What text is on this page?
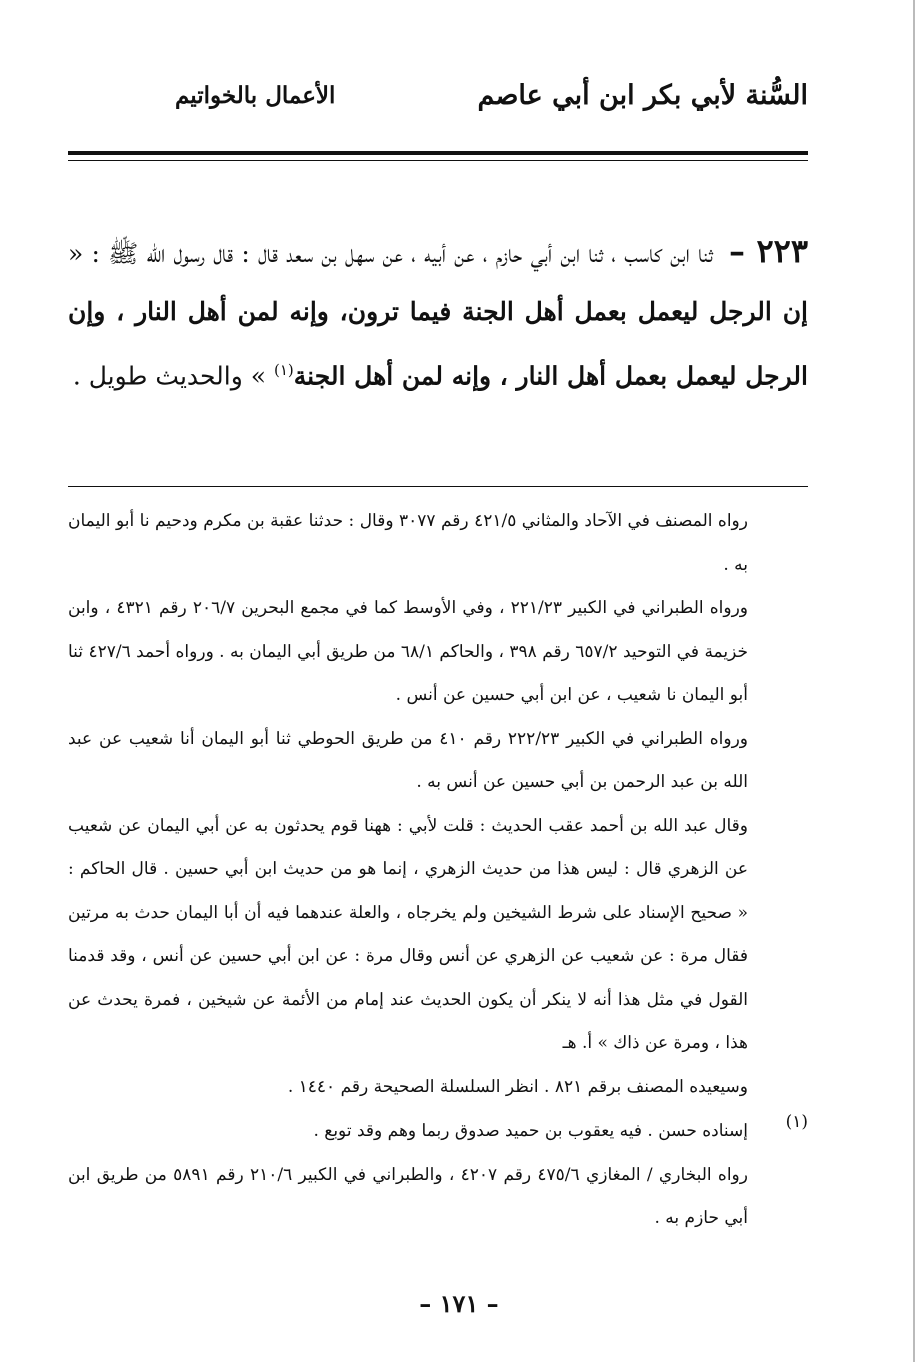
السُّنة لأبي بكر ابن أبي عاصم
الأعمال بالخواتيم

٢٢٣ – ثنا ابن كاسب ، ثنا ابن أبي حازم ، عن أبيه ، عن سهل بن سعد قال : قال رسول الله ﷺ : « إن الرجل ليعمل بعمل أهل الجنة فيما ترون، وإنه لمن أهل النار ، وإن الرجل ليعمل بعمل أهل النار ، وإنه لمن أهل الجنة$^{(١)}$ » والحديث طويل .

رواه المصنف في الآحاد والمثاني ٤٢١/٥ رقم ٣٠٧٧ وقال : حدثنا عقبة بن مكرم ودحيم نا أبو اليمان به .

ورواه الطبراني في الكبير ٢٢١/٢٣ ، وفي الأوسط كما في مجمع البحرين ٢٠٦/٧ رقم ٤٣٢١ ، وابن خزيمة في التوحيد ٦٥٧/٢ رقم ٣٩٨ ، والحاكم ٦٨/١ من طريق أبي اليمان به . ورواه أحمد ٤٢٧/٦ ثنا أبو اليمان نا شعيب ، عن ابن أبي حسين عن أنس .

ورواه الطبراني في الكبير ٢٢٢/٢٣ رقم ٤١٠ من طريق الحوطي ثنا أبو اليمان أنا شعيب عن عبد الله بن عبد الرحمن بن أبي حسين عن أنس به .

وقال عبد الله بن أحمد عقب الحديث : قلت لأبي : ههنا قوم يحدثون به عن أبي اليمان عن شعيب عن الزهري قال : ليس هذا من حديث الزهري ، إنما هو من حديث ابن أبي حسين . قال الحاكم : « صحيح الإسناد على شرط الشيخين ولم يخرجاه ، والعلة عندهما فيه أن أبا اليمان حدث به مرتين فقال مرة : عن شعيب عن الزهري عن أنس وقال مرة : عن ابن أبي حسين عن أنس ، وقد قدمنا القول في مثل هذا أنه لا ينكر أن يكون الحديث عند إمام من الأئمة عن شيخين ، فمرة يحدث عن هذا ، ومرة عن ذاك » أ. هـ

وسيعيده المصنف برقم ٨٢١ . انظر السلسلة الصحيحة رقم ١٤٤٠ .

(١)

إسناده حسن . فيه يعقوب بن حميد صدوق ربما وهم وقد توبع .

رواه البخاري / المغازي ٤٧٥/٦ رقم ٤٢٠٧ ، والطبراني في الكبير ٢١٠/٦ رقم ٥٨٩١ من طريق ابن أبي حازم به .

– ١٧١ –
